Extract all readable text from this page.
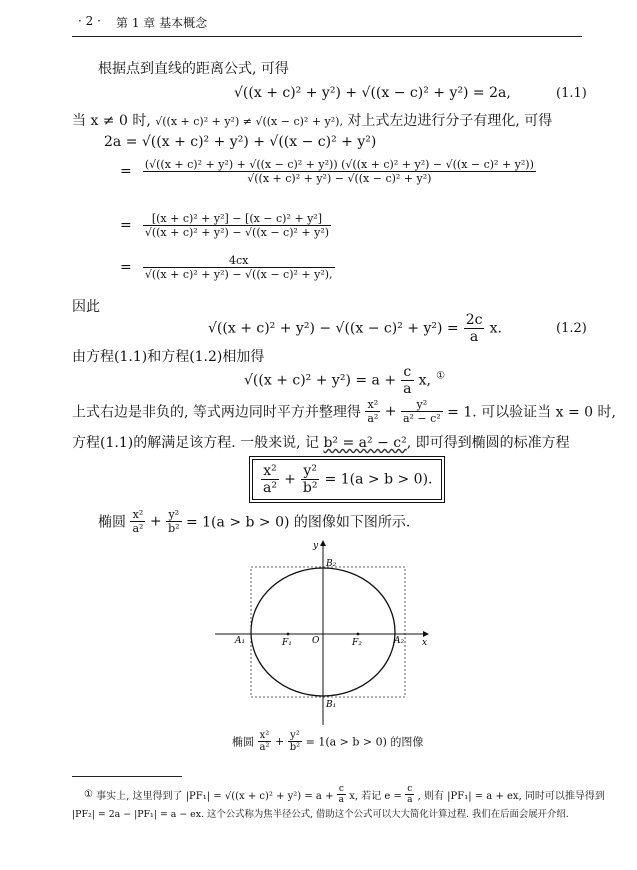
· 2 · 第 1 章 基本概念
根据点到直线的距离公式, 可得
√((x + c)² + y²) + √((x − c)² + y²) = 2a,	(1.1)
当 x ≠ 0 时, √((x + c)² + y²) ≠ √((x − c)² + y²), 对上式左边进行分子有理化, 可得
2a = √((x + c)² + y²) + √((x − c)² + y²)
= (√((x + c)² + y²) + √((x − c)² + y²)) (√((x + c)² + y²) − √((x − c)² + y²))
√((x + c)² + y²) − √((x − c)² + y²)
= $\frac{\text{[(x + c)² + y²] − [(x − c)² + y²]}}{\text{√((x + c)² + y²) − √((x − c)² + y²)}}$
= $\frac{4cx}{\text{√((x + c)² + y²) − √((x − c)² + y²),}}$
因此
$√((x + c)^2 + y^2) - √((x - c)^2 + y^2) = \frac{2c}{a} x$.	(1.2)
由方程(1.1)和方程(1.2)相加得
$√((x + c)^2 + y^2) = a + \frac{c}{a} x$, ①
上式右边是非负的, 等式两边同时平方并整理得 $\frac{\text{x²}}{\text{a²}} + \frac{\text{y²}}{\text{a² − c²}} = 1$. 可以验证当 x = 0 时,
方程(1.1)的解满足该方程. 一般来说, 记 b² = a² − c², 即可得到椭圆的标准方程
$\frac{\text{x²}}{\text{a²}} + \frac{\text{y²}}{\text{b²}} = 1(a > b > 0)$.
椭圆 $\frac{\text{x²}}{\text{a²}} + \frac{\text{y²}}{\text{b²}} = 1(a > b > 0)$ 的图像如下图所示.
y
x
O
A₁	A₂
B₂
B₁
F₁	F₂
椭圆 $\frac{\text{x²}}{\text{a²}} + \frac{\text{y²}}{\text{b²}} = 1(a > b > 0)$ 的图像
① 事实上, 这里得到了 $|PF_1| = √((x + c)^2 + y^2) = a + \frac{c}{a} x$, 若记 $e = \frac{c}{a}$ , 则有 |PF₁| = a + ex, 同时可以推导得到
|PF₂| = 2a − |PF₁| = a − ex. 这个公式称为焦半径公式, 借助这个公式可以大大简化计算过程. 我们在后面会展开介绍.
